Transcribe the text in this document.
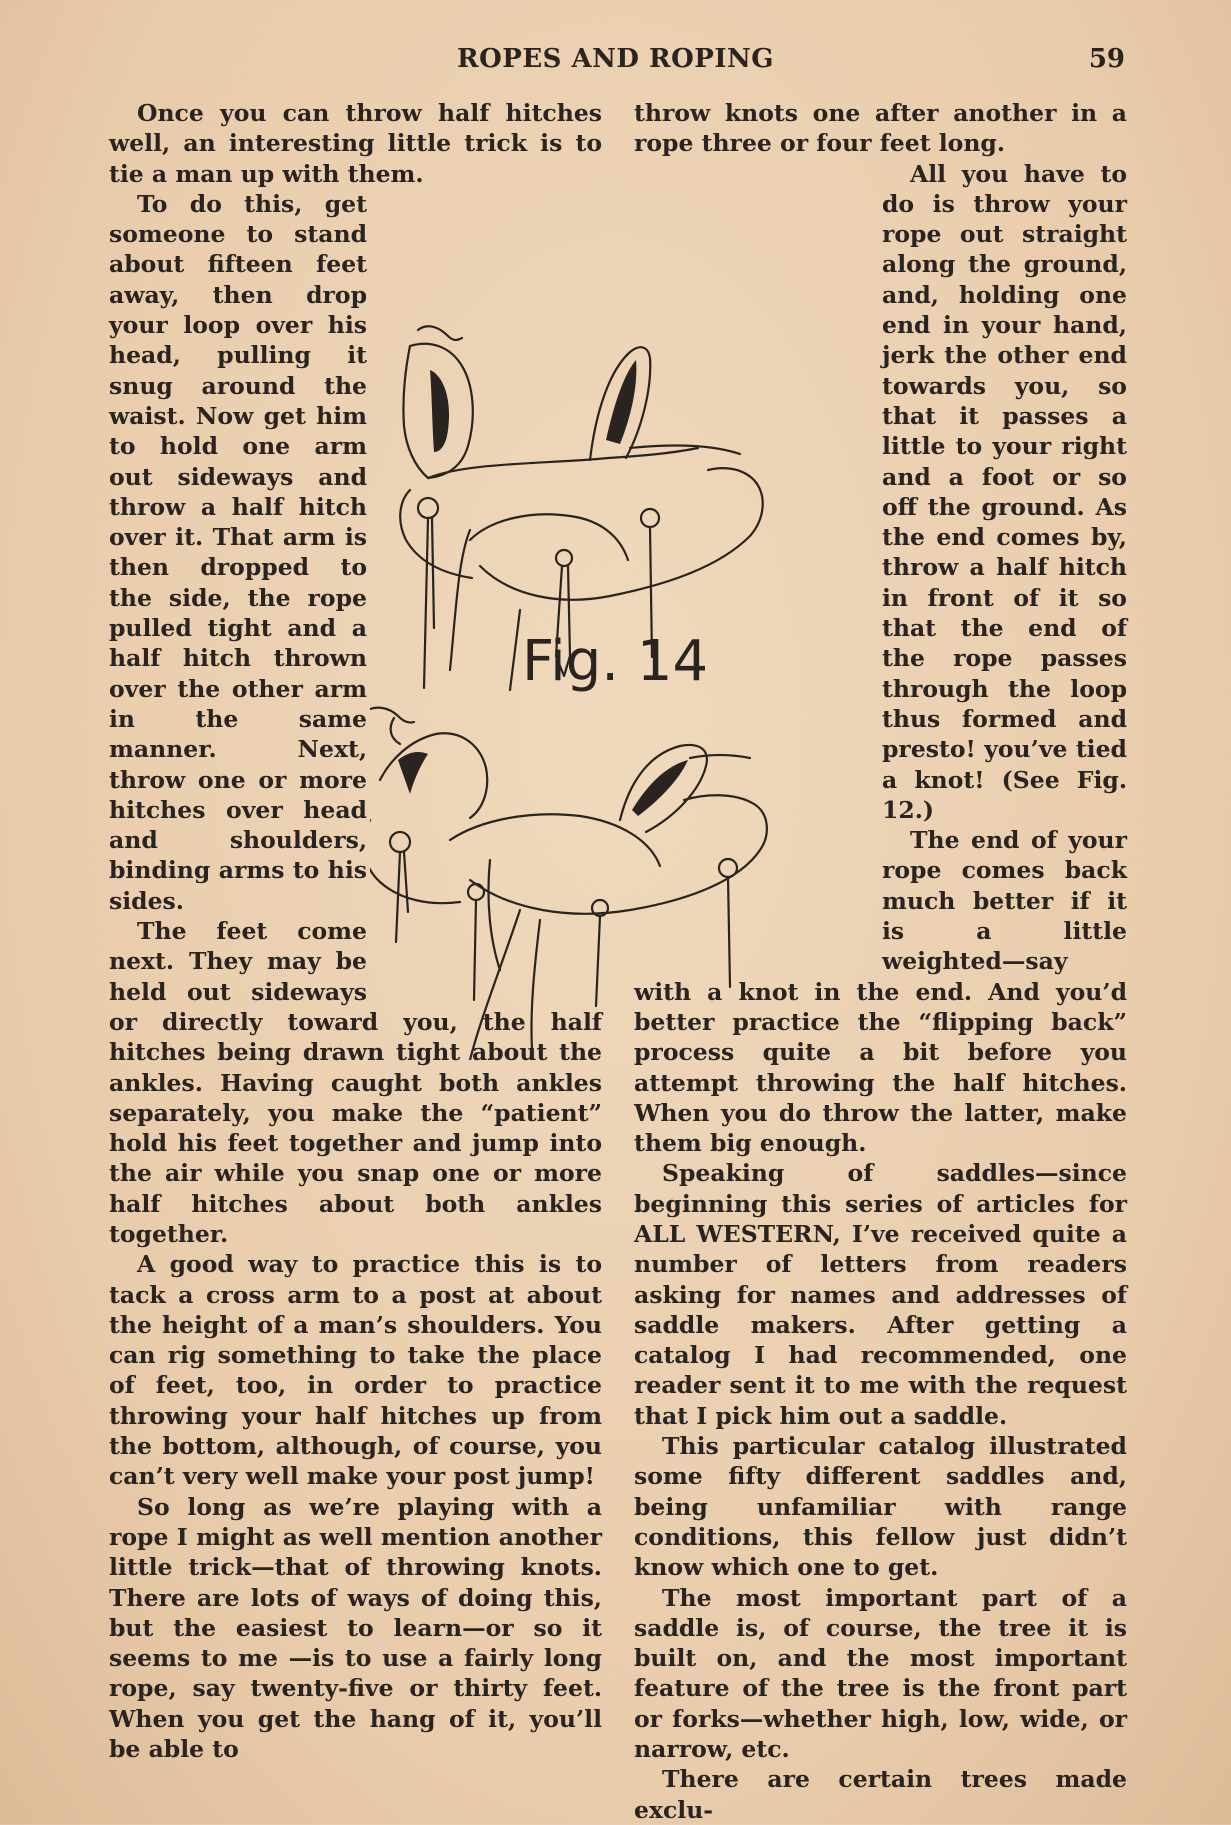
ROPES AND ROPING	59

Once you can throw half hitches well, an interesting little trick is to tie a man up with them.

To do this, get someone to stand about fifteen feet away, then drop your loop over his head, pulling it snug around the waist. Now get him to hold one arm out sideways and throw a half hitch over it. That arm is then dropped to the side, the rope pulled tight and a half hitch thrown over the other arm in the same manner. Next, throw one or more hitches over head and shoulders, binding arms to his sides.

The feet come next. They may be held out sideways or directly toward you, the half hitches being drawn tight about the ankles. Having caught both ankles separately, you make the “patient” hold his feet together and jump into the air while you snap one or more half hitches about both ankles together.

A good way to practice this is to tack a cross arm to a post at about the height of a man’s shoulders. You can rig something to take the place of feet, too, in order to practice throwing your half hitches up from the bottom, although, of course, you can’t very well make your post jump!

So long as we’re playing with a rope I might as well mention another little trick—that of throwing knots. There are lots of ways of doing this, but the easiest to learn—or so it seems to me —is to use a fairly long rope, say twenty-five or thirty feet. When you get the hang of it, you’ll be able to

throw knots one after another in a rope three or four feet long.

All you have to do is throw your rope out straight along the ground, and, holding one end in your hand, jerk the other end towards you, so that it passes a little to your right and a foot or so off the ground. As the end comes by, throw a half hitch in front of it so that the end of the rope passes through the loop thus formed and presto! you’ve tied a knot! (See Fig. 12.)

The end of your rope comes back much better if it is a little weighted—say with a knot in the end. And you’d better practice the “flipping back” process quite a bit before you attempt throwing the half hitches. When you do throw the latter, make them big enough.

Speaking of saddles—since beginning this series of articles for ALL WESTERN, I’ve received quite a number of letters from readers asking for names and addresses of saddle makers. After getting a catalog I had recommended, one reader sent it to me with the request that I pick him out a saddle.

This particular catalog illustrated some fifty different saddles and, being unfamiliar with range conditions, this fellow just didn’t know which one to get.

The most important part of a saddle is, of course, the tree it is built on, and the most important feature of the tree is the front part or forks—whether high, low, wide, or narrow, etc.

There are certain trees made exclu-

Fig. 14
